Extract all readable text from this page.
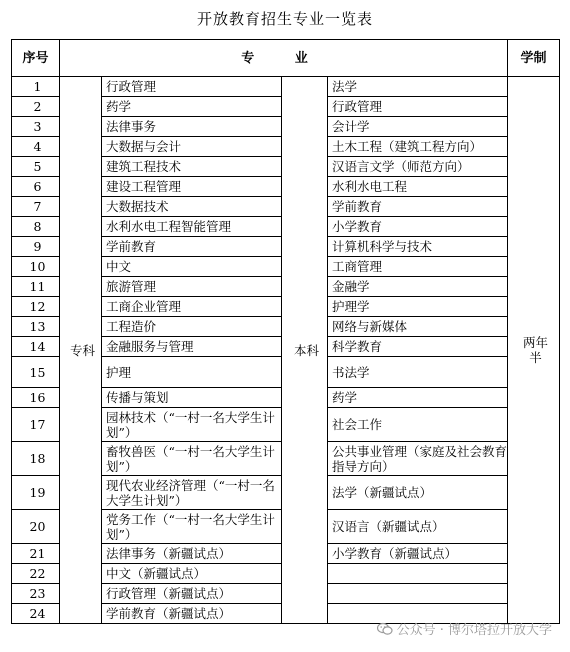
开放教育招生专业一览表
序号	专 业				学制
1	专科	行政管理	本科	法学	两年半

2		药学		行政管理	
3		法律事务		会计学	
4		大数据与会计		土木工程（建筑工程方向）	
5		建筑工程技术		汉语言文学（师范方向）	
6		建设工程管理		水利水电工程	
7		大数据技术		学前教育	
8		水利水电工程智能管理		小学教育	
9		学前教育		计算机科学与技术	
10		中文		工商管理	
11		旅游管理		金融学	
12		工商企业管理		护理学	
13		工程造价		网络与新媒体	
14		金融服务与管理		科学教育	
15		护理		书法学	
16		传播与策划		药学	
17		园林技术（“一村一名大学生计划”）		社会工作	
18		畜牧兽医（“一村一名大学生计划”）		公共事业管理（家庭及社会教育指导方向）	
19		现代农业经济管理（“一村一名大学生计划”）		法学（新疆试点）	
20		党务工作（“一村一名大学生计划”）		汉语言（新疆试点）	
21		法律事务（新疆试点）		小学教育（新疆试点）	
22		中文（新疆试点）			
23		行政管理（新疆试点）			
24		学前教育（新疆试点）			
公众号 · 博尔塔拉开放大学
